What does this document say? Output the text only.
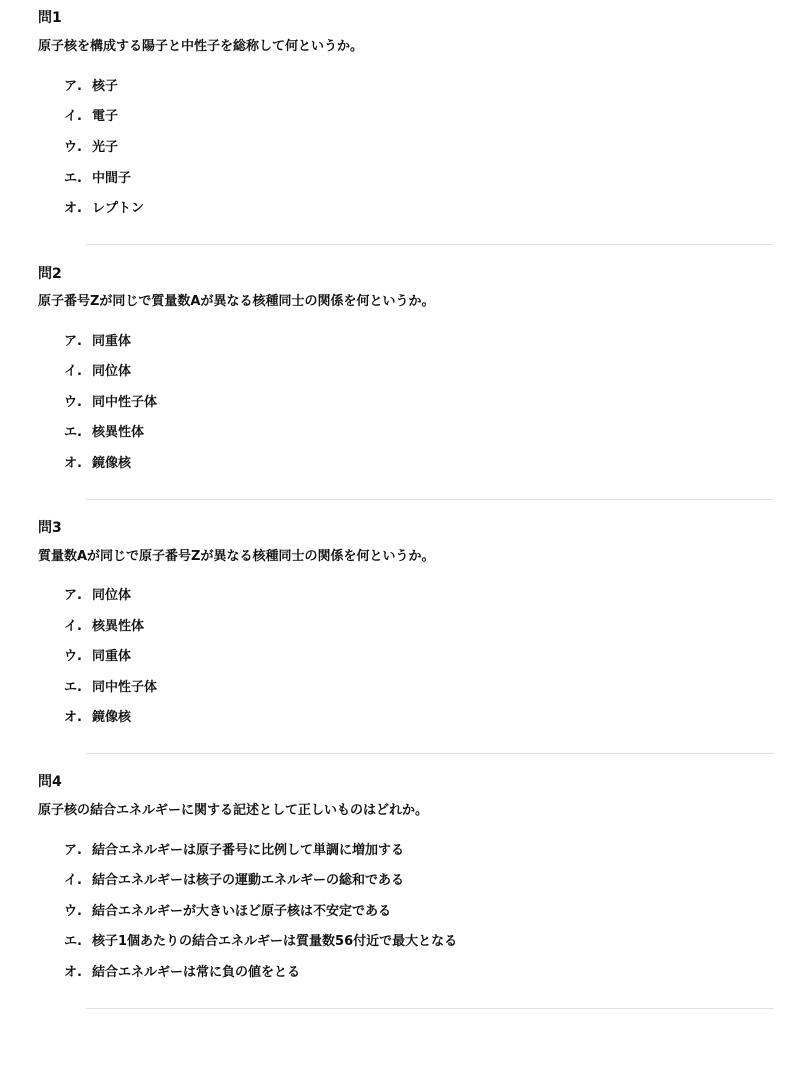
問1
原子核を構成する陽子と中性子を総称して何というか。
ア. 核子
イ. 電子
ウ. 光子
エ. 中間子
オ. レプトン
問2
原子番号Zが同じで質量数Aが異なる核種同士の関係を何というか。
ア. 同重体
イ. 同位体
ウ. 同中性子体
エ. 核異性体
オ. 鏡像核
問3
質量数Aが同じで原子番号Zが異なる核種同士の関係を何というか。
ア. 同位体
イ. 核異性体
ウ. 同重体
エ. 同中性子体
オ. 鏡像核
問4
原子核の結合エネルギーに関する記述として正しいものはどれか。
ア. 結合エネルギーは原子番号に比例して単調に増加する
イ. 結合エネルギーは核子の運動エネルギーの総和である
ウ. 結合エネルギーが大きいほど原子核は不安定である
エ. 核子1個あたりの結合エネルギーは質量数56付近で最大となる
オ. 結合エネルギーは常に負の値をとる
